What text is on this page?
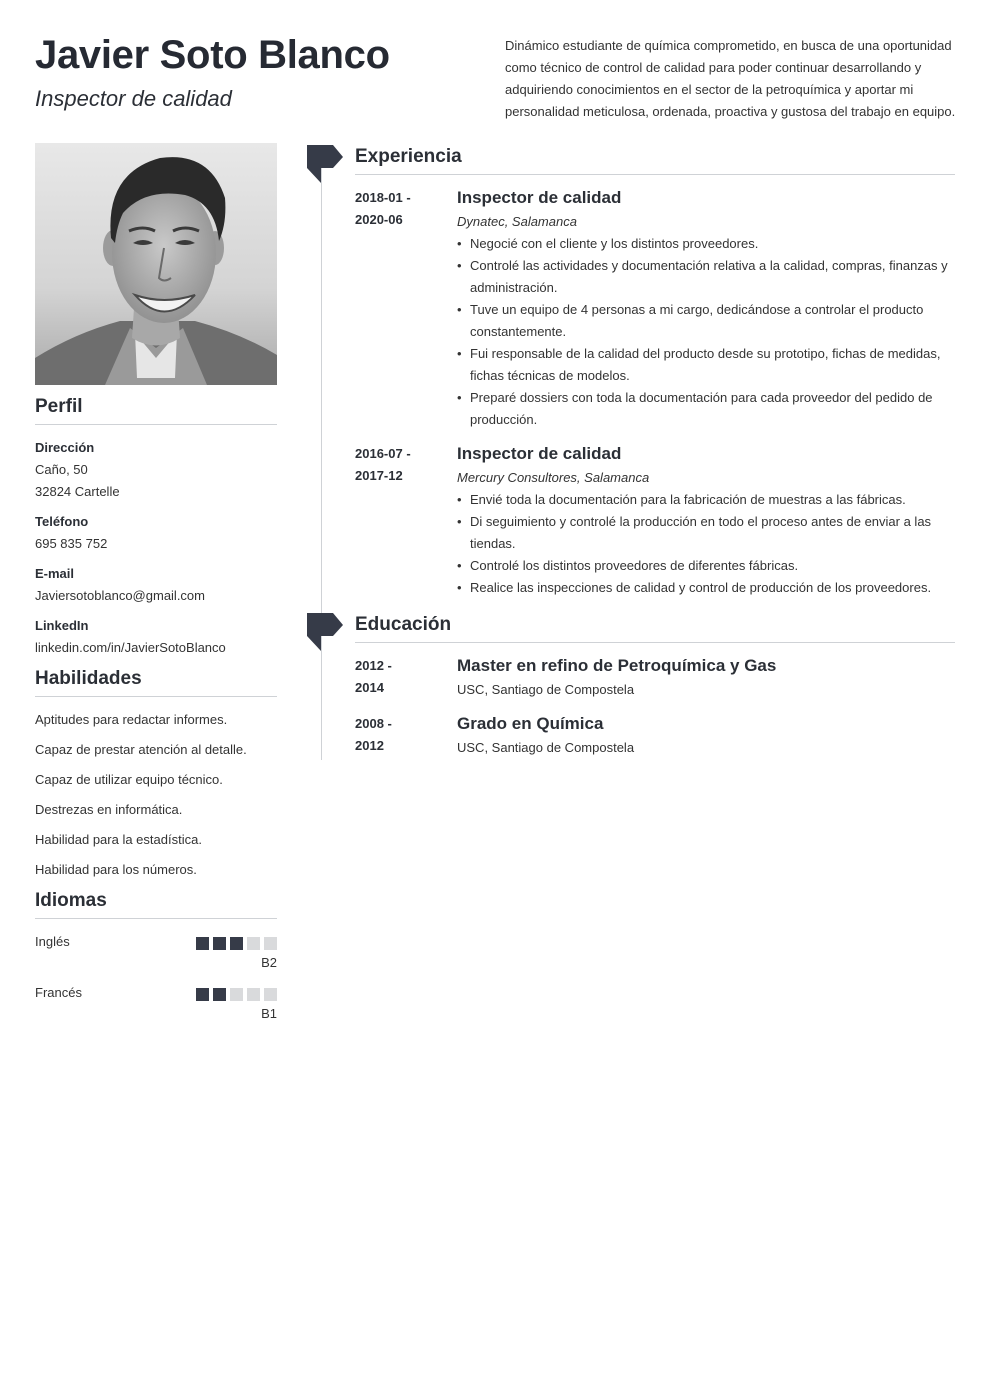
Javier Soto Blanco
Inspector de calidad
Dinámico estudiante de química comprometido, en busca de una oportunidad como técnico de control de calidad para poder continuar desarrollando y adquiriendo conocimientos en el sector de la petroquímica y aportar mi personalidad meticulosa, ordenada, proactiva y gustosa del trabajo en equipo.
Perfil
Dirección
Caño, 50
32824 Cartelle
Teléfono
695 835 752
E-mail
Javiersotoblanco@gmail.com
LinkedIn
linkedin.com/in/JavierSotoBlanco
Habilidades
Aptitudes para redactar informes.
Capaz de prestar atención al detalle.
Capaz de utilizar equipo técnico.
Destrezas en informática.
Habilidad para la estadística.
Habilidad para los números.
Idiomas
Inglés
B2
Francés
B1
Experiencia
2018-01 -
2020-06
Inspector de calidad
Dynatec, Salamanca
• Negocié con el cliente y los distintos proveedores.
• Controlé las actividades y documentación relativa a la calidad, compras, finanzas y administración.
• Tuve un equipo de 4 personas a mi cargo, dedicándose a controlar el producto constantemente.
• Fui responsable de la calidad del producto desde su prototipo, fichas de medidas, fichas técnicas de modelos.
• Preparé dossiers con toda la documentación para cada proveedor del pedido de producción.
2016-07 -
2017-12
Inspector de calidad
Mercury Consultores, Salamanca
• Envié toda la documentación para la fabricación de muestras a las fábricas.
• Di seguimiento y controlé la producción en todo el proceso antes de enviar a las tiendas.
• Controlé los distintos proveedores de diferentes fábricas.
• Realice las inspecciones de calidad y control de producción de los proveedores.
Educación
2012 -
2014
Master en refino de Petroquímica y Gas
USC, Santiago de Compostela
2008 -
2012
Grado en Química
USC, Santiago de Compostela
